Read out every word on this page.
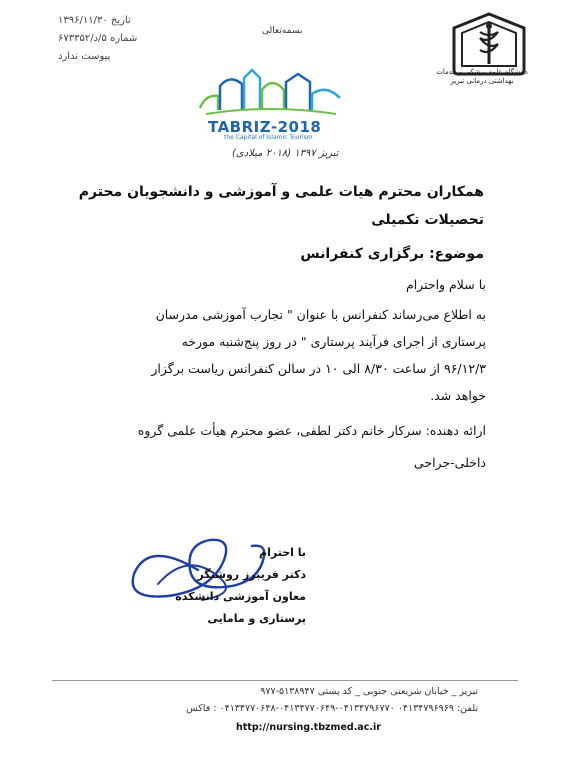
تاریخ ۱۳۹۶/۱۱/۳۰
شماره ۵/د/۶۷۳۳۵۲
پیوست ندارد
بسمه‌تعالی
دانشگاه علوم پزشکی و خدمات بهداشتی درمانی تبریز
TABRIZ-2018
the Capital of Islamic Tourism
تبریز ۱۳۹۷ (۲۰۱۸ میلادی)
همکاران محترم هیات علمی و آموزشی و دانشجویان محترم
تحصیلات تکمیلی
موضوع: برگزاری کنفرانس
با سلام واحترام
به اطلاع می‌رساند کنفرانس با عنوان " تجارب آموزشی مدرسان
پرستاری از اجرای فرآیند پرستاری " در روز پنج‌شنبه مورخه
۹۶/۱۲/۳ از ساعت ۸/۳۰ الی ۱۰ در سالن کنفرانس ریاست برگزار
خواهد شد.
ارائه دهنده: سرکار خانم دکتر لطفی، عضو محترم هیأت علمی گروه
داخلی-جراحی
با احترام
دکتر فریبرز روشنگر
معاون آموزشی دانشکده
پرستاری و مامایی
تبریز _ خیابان شریعتی جنوبی _ کد پستی ۵۱۳۸۹۴۷-۹۷۷
تلفن: ۰۴۱۳۴۷۹۶۹۶۹ ۰۴۱۳۴۷۹۶۷۷۰-۰۴۱۳۴۷۷۰۶۴۹-۰۴۱۳۴۷۷۰۶۴۸ : فاکس
http://nursing.tbzmed.ac.ir
